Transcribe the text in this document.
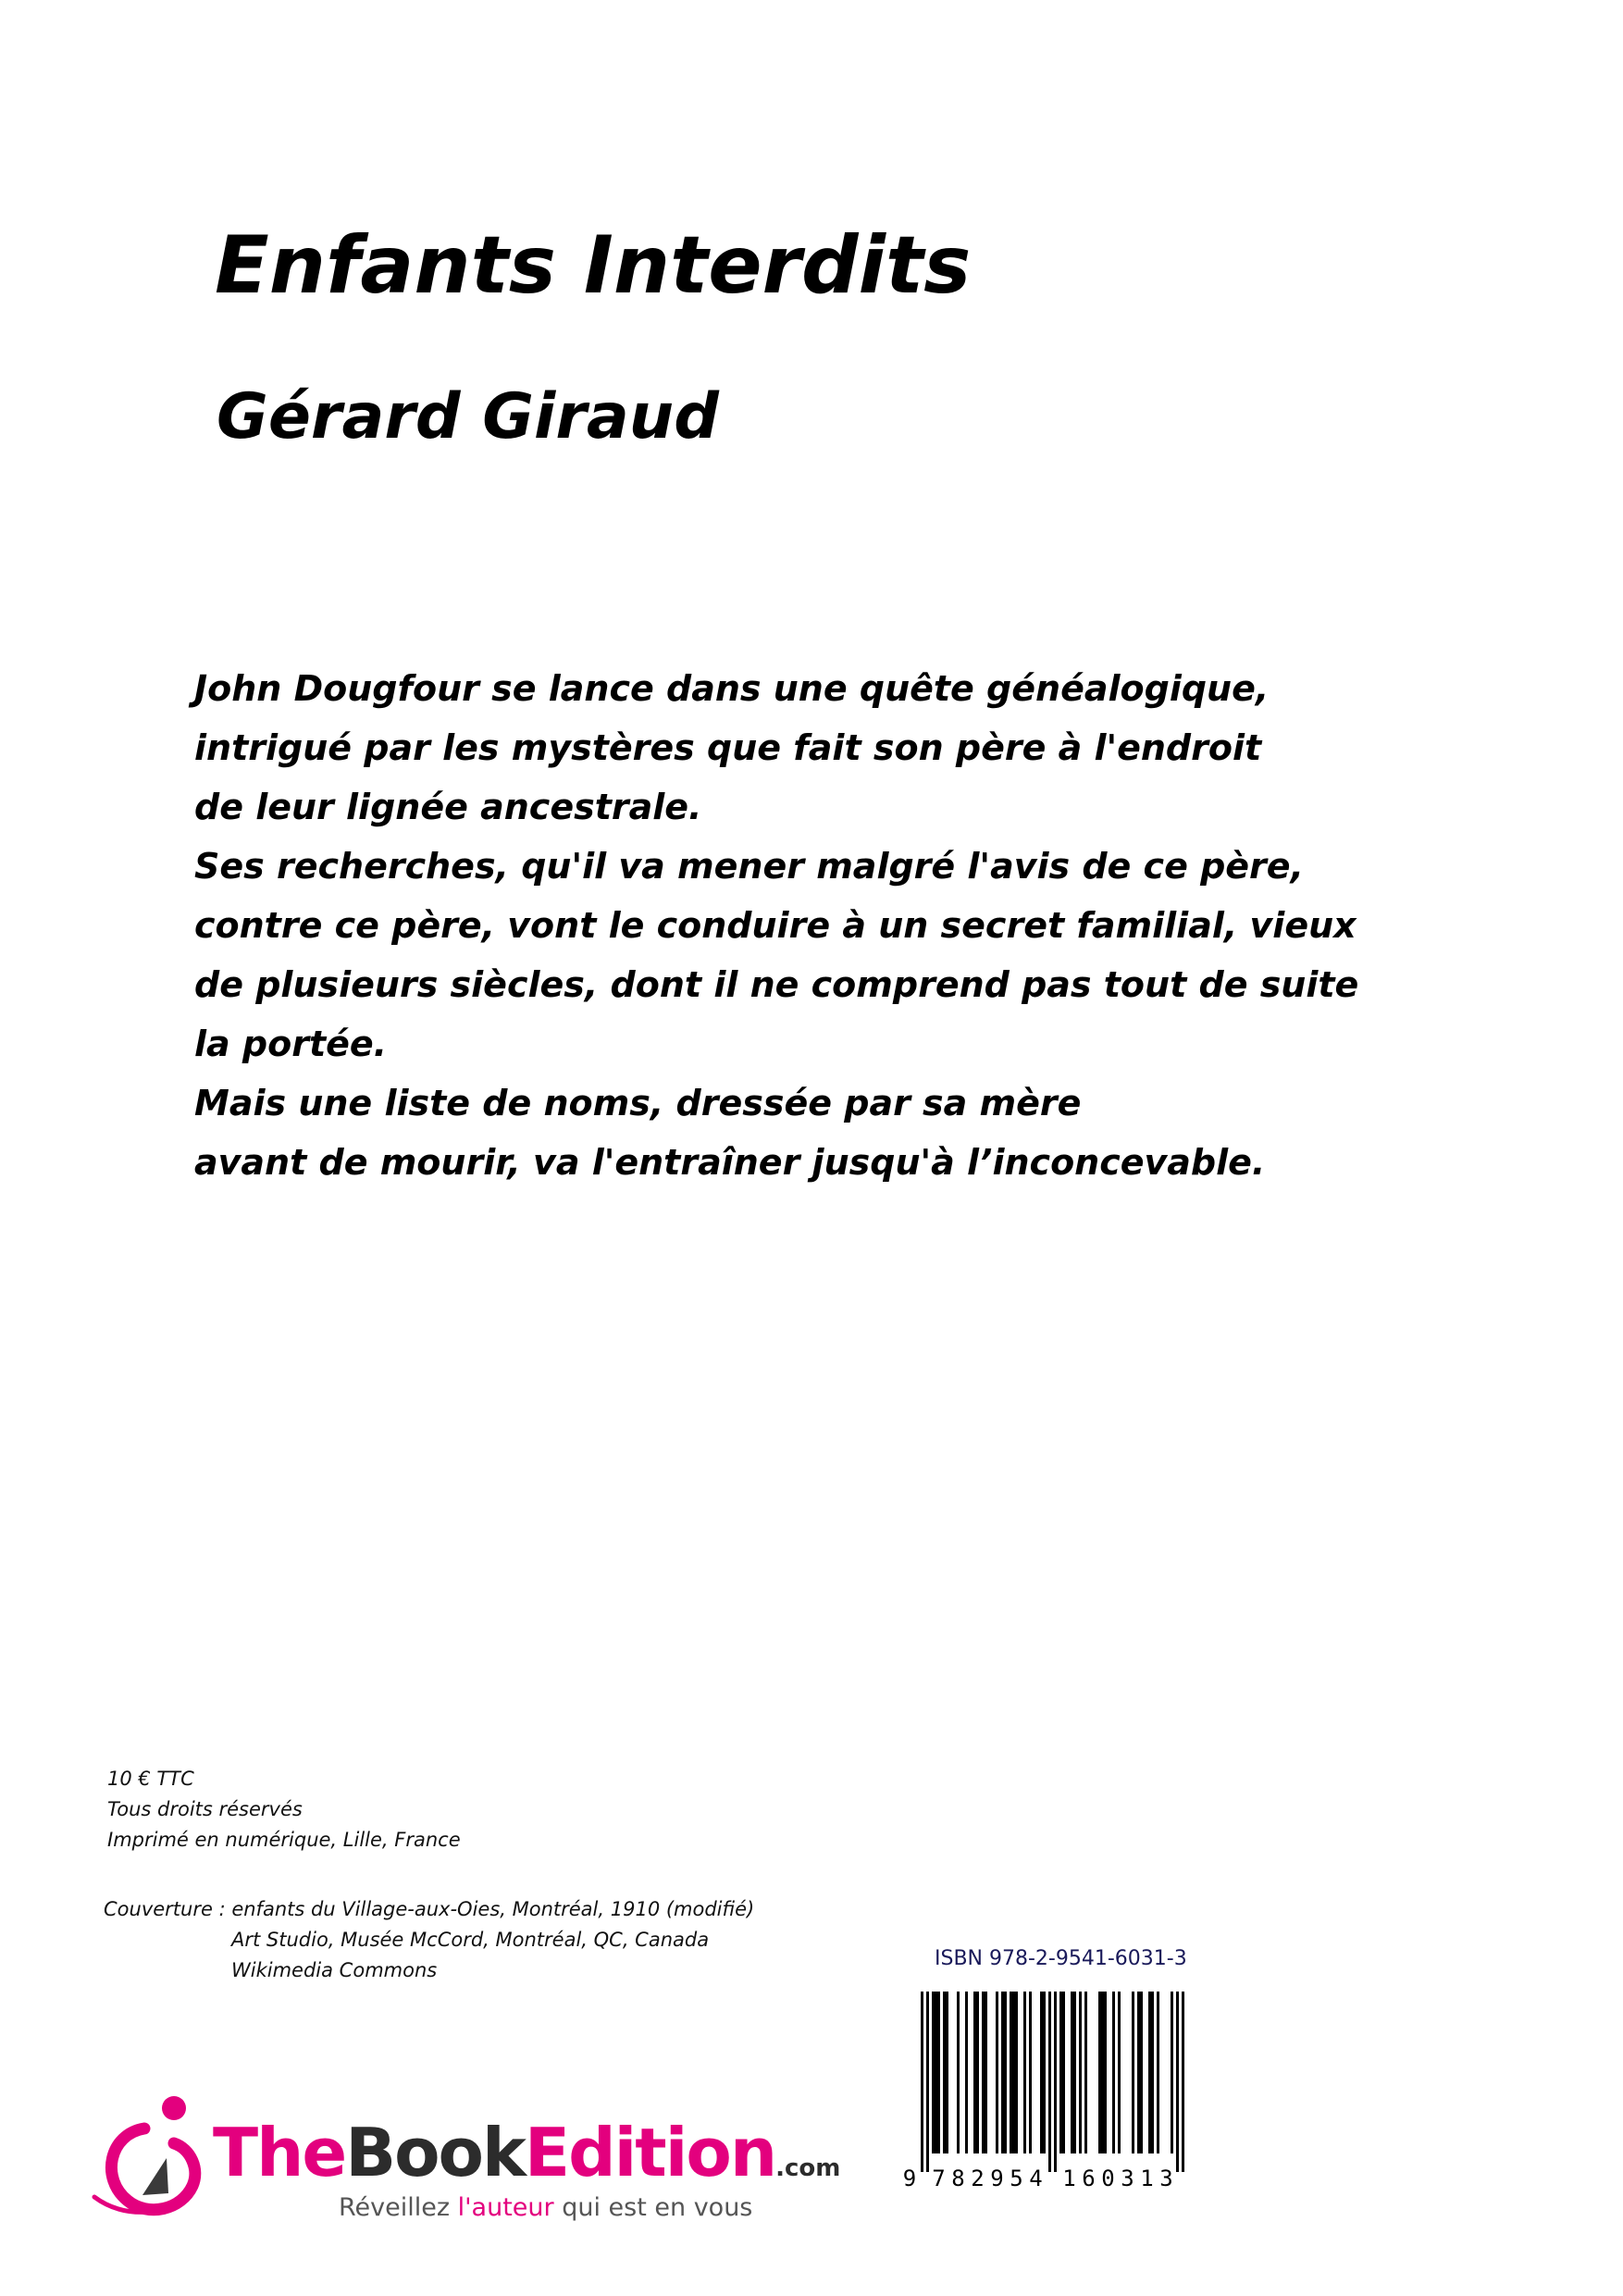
Enfants Interdits
Gérard Giraud
John Dougfour se lance dans une quête généalogique,
intrigué par les mystères que fait son père à l'endroit
de leur lignée ancestrale.
Ses recherches, qu'il va mener malgré l'avis de ce père,
contre ce père, vont le conduire à un secret familial, vieux
de plusieurs siècles, dont il ne comprend pas tout de suite
la portée.
Mais une liste de noms, dressée par sa mère
avant de mourir, va l'entraîner jusqu'à l’inconcevable.
10 € TTC
Tous droits réservés
Imprimé en numérique, Lille, France
Couverture : enfants du Village-aux-Oies, Montréal, 1910 (modifié)
Art Studio, Musée McCord, Montréal, QC, Canada
Wikimedia Commons	ISBN 978-2-9541-6031-3
9 7 8 2 9 5 4 1 6 0 3 1 3
TheBookEdition.com
Réveillez l'auteur qui est en vous
